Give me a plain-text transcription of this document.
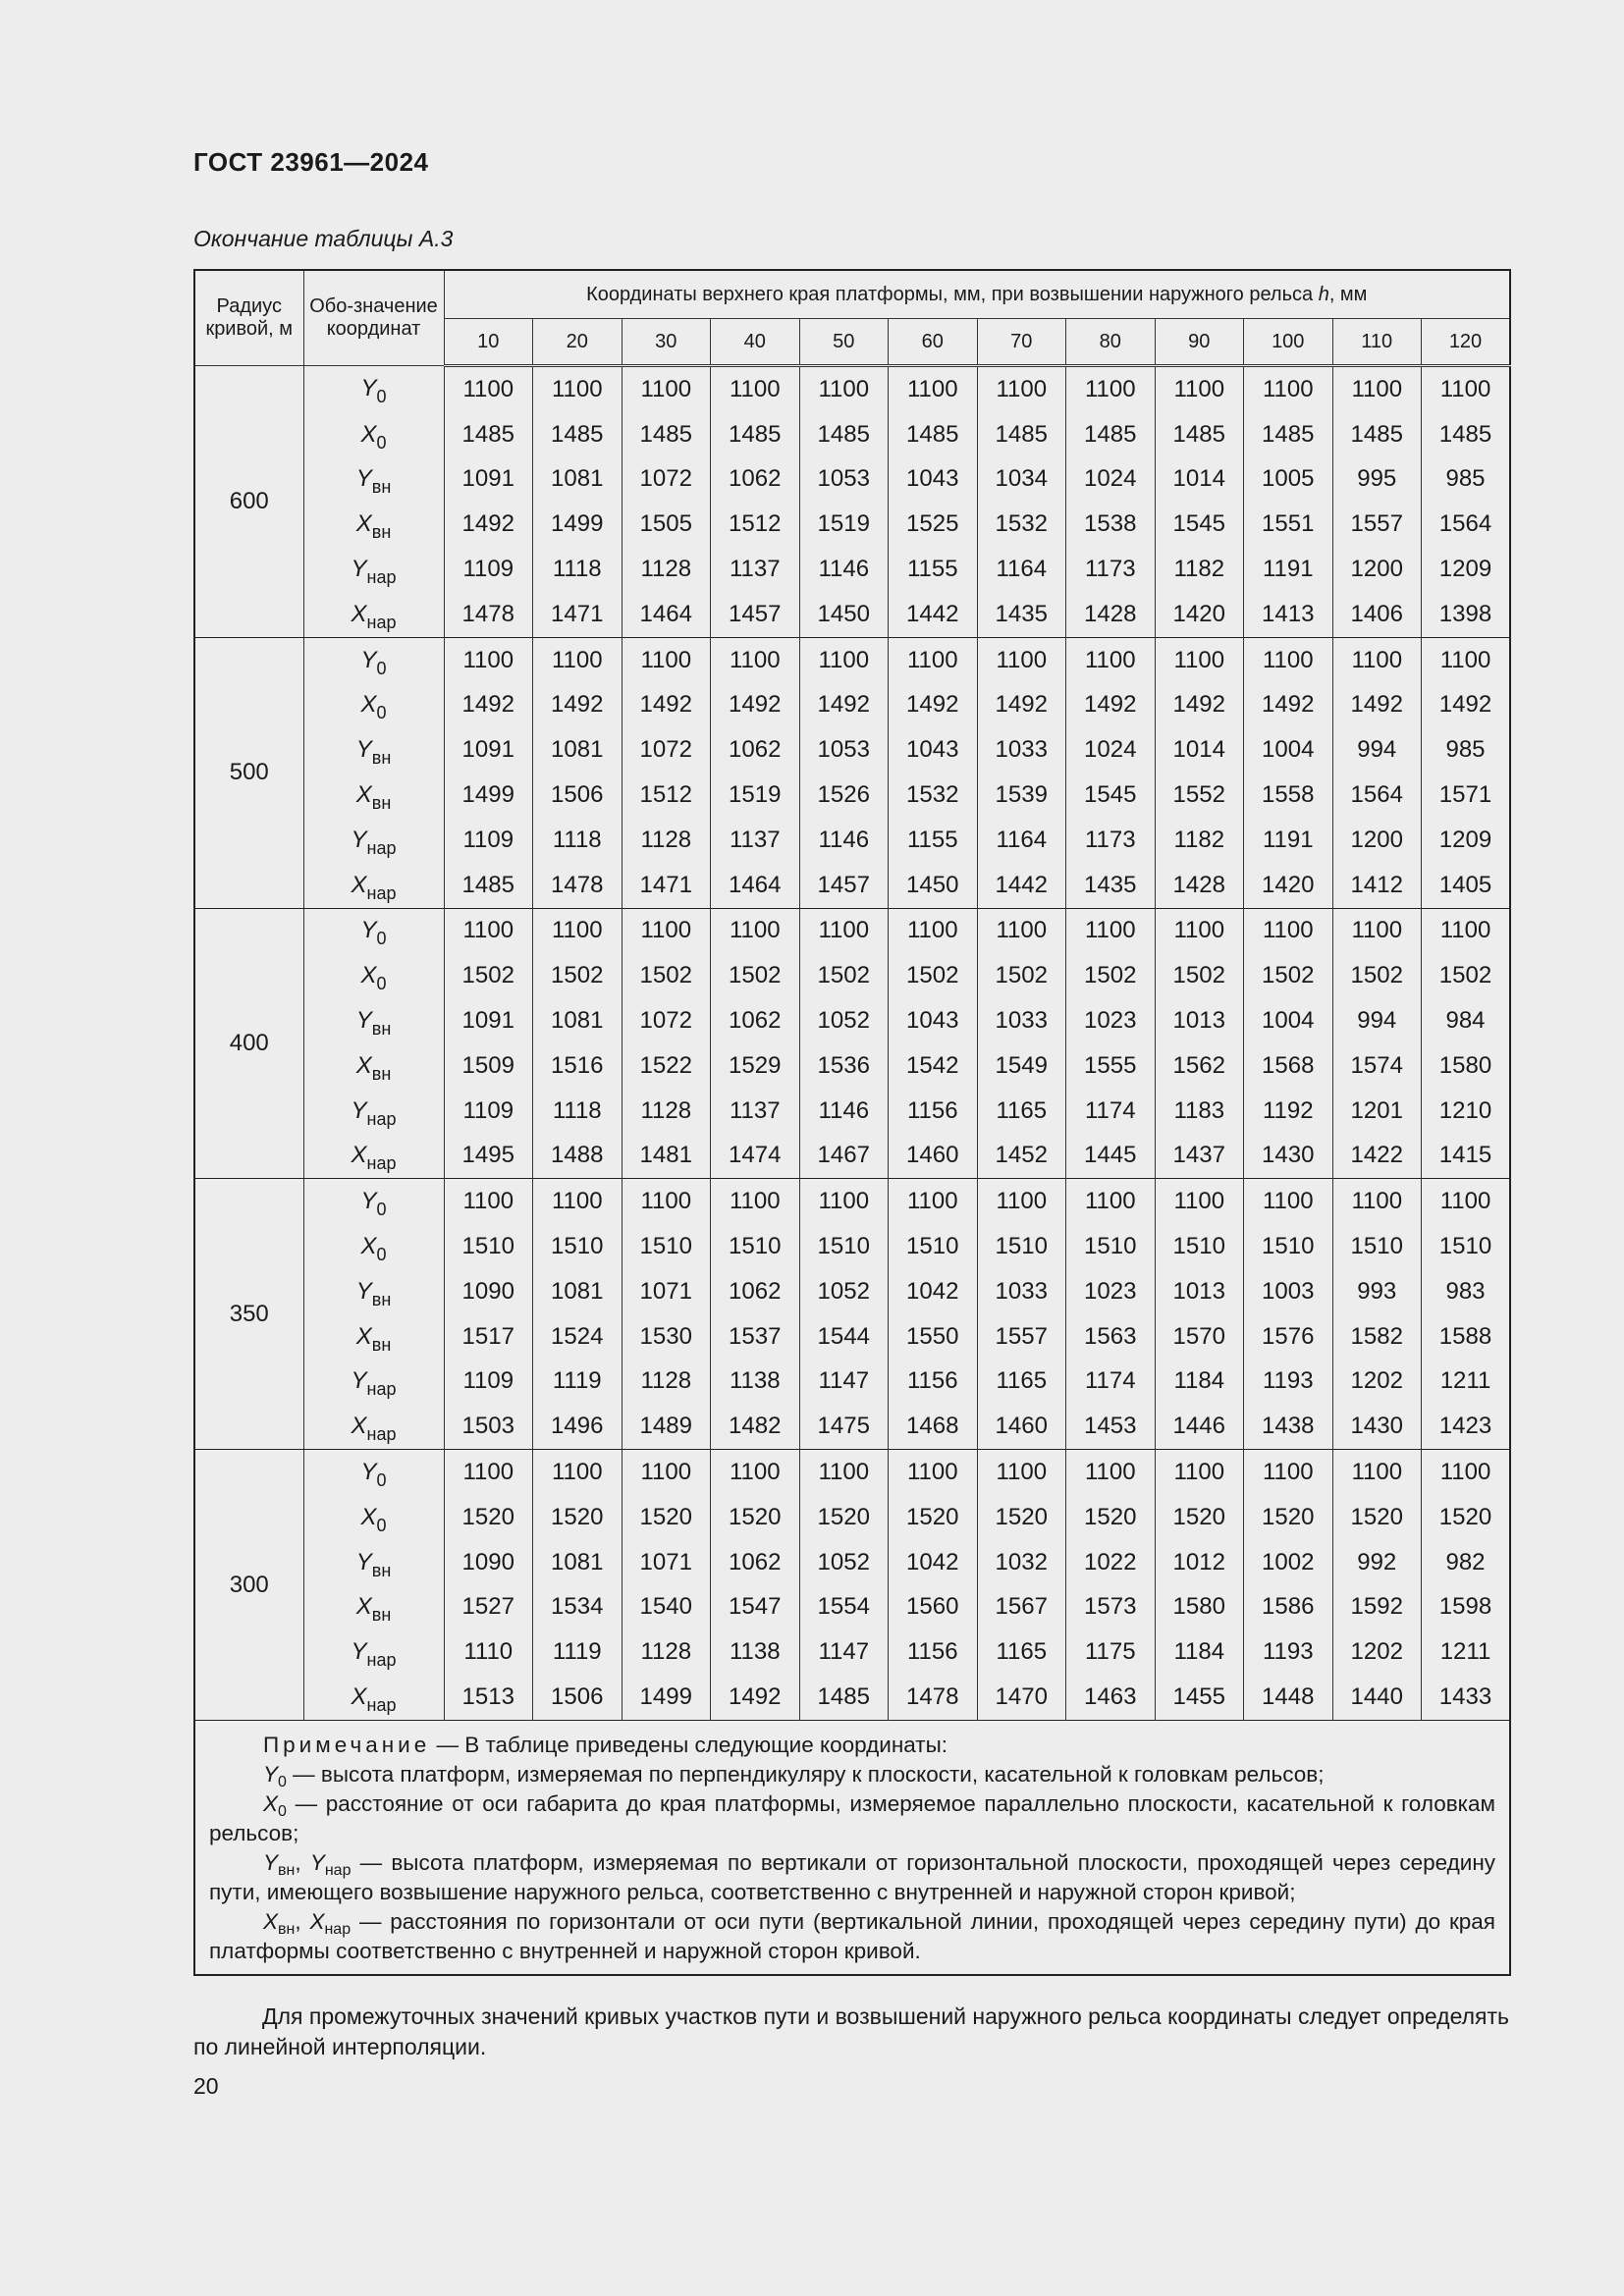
ГОСТ 23961—2024
Окончание таблицы А.3
Радиус кривой, м	Обо-значение координат	Координаты верхнего края платформы, мм, при возвышении наружного рельса h, мм											
		10	20	30	40	50	60	70	80	90	100	110	120
600	$Y_0$	1100	1100	1100	1100	1100	1100	1100	1100	1100	1100	1100	1100
	$X_0$	1485	1485	1485	1485	1485	1485	1485	1485	1485	1485	1485	1485
	$Y_{вн}$	1091	1081	1072	1062	1053	1043	1034	1024	1014	1005	995	985
	$X_{вн}$	1492	1499	1505	1512	1519	1525	1532	1538	1545	1551	1557	1564
	$Y_{нар}$	1109	1118	1128	1137	1146	1155	1164	1173	1182	1191	1200	1209
	$X_{нар}$	1478	1471	1464	1457	1450	1442	1435	1428	1420	1413	1406	1398
500	$Y_0$	1100	1100	1100	1100	1100	1100	1100	1100	1100	1100	1100	1100
	$X_0$	1492	1492	1492	1492	1492	1492	1492	1492	1492	1492	1492	1492
	$Y_{вн}$	1091	1081	1072	1062	1053	1043	1033	1024	1014	1004	994	985
	$X_{вн}$	1499	1506	1512	1519	1526	1532	1539	1545	1552	1558	1564	1571
	$Y_{нар}$	1109	1118	1128	1137	1146	1155	1164	1173	1182	1191	1200	1209
	$X_{нар}$	1485	1478	1471	1464	1457	1450	1442	1435	1428	1420	1412	1405
400	$Y_0$	1100	1100	1100	1100	1100	1100	1100	1100	1100	1100	1100	1100
	$X_0$	1502	1502	1502	1502	1502	1502	1502	1502	1502	1502	1502	1502
	$Y_{вн}$	1091	1081	1072	1062	1052	1043	1033	1023	1013	1004	994	984
	$X_{вн}$	1509	1516	1522	1529	1536	1542	1549	1555	1562	1568	1574	1580
	$Y_{нар}$	1109	1118	1128	1137	1146	1156	1165	1174	1183	1192	1201	1210
	$X_{нар}$	1495	1488	1481	1474	1467	1460	1452	1445	1437	1430	1422	1415
350	$Y_0$	1100	1100	1100	1100	1100	1100	1100	1100	1100	1100	1100	1100
	$X_0$	1510	1510	1510	1510	1510	1510	1510	1510	1510	1510	1510	1510
	$Y_{вн}$	1090	1081	1071	1062	1052	1042	1033	1023	1013	1003	993	983
	$X_{вн}$	1517	1524	1530	1537	1544	1550	1557	1563	1570	1576	1582	1588
	$Y_{нар}$	1109	1119	1128	1138	1147	1156	1165	1174	1184	1193	1202	1211
	$X_{нар}$	1503	1496	1489	1482	1475	1468	1460	1453	1446	1438	1430	1423
300	$Y_0$	1100	1100	1100	1100	1100	1100	1100	1100	1100	1100	1100	1100
	$X_0$	1520	1520	1520	1520	1520	1520	1520	1520	1520	1520	1520	1520
	$Y_{вн}$	1090	1081	1071	1062	1052	1042	1032	1022	1012	1002	992	982
	$X_{вн}$	1527	1534	1540	1547	1554	1560	1567	1573	1580	1586	1592	1598
	$Y_{нар}$	1110	1119	1128	1138	1147	1156	1165	1175	1184	1193	1202	1211
	$X_{нар}$	1513	1506	1499	1492	1485	1478	1470	1463	1455	1448	1440	1433

Примечание — В таблице приведены следующие координаты:

$Y_0$ — высота платформ, измеряемая по перпендикуляру к плоскости, касательной к головкам рельсов;

$X_0$ — расстояние от оси габарита до края платформы, измеряемое параллельно плоскости, касательной к головкам рельсов;

$Y_{вн}$, $Y_{нар}$ — высота платформ, измеряемая по вертикали от горизонтальной плоскости, проходящей через середину пути, имеющего возвышение наружного рельса, соответственно с внутренней и наружной сторон кривой;

$X_{вн}$, $X_{нар}$ — расстояния по горизонтали от оси пути (вертикальной линии, проходящей через середину пути) до края платформы соответственно с внутренней и наружной сторон кривой.													

Для промежуточных значений кривых участков пути и возвышений наружного рельса координаты следует определять по линейной интерполяции.

20
